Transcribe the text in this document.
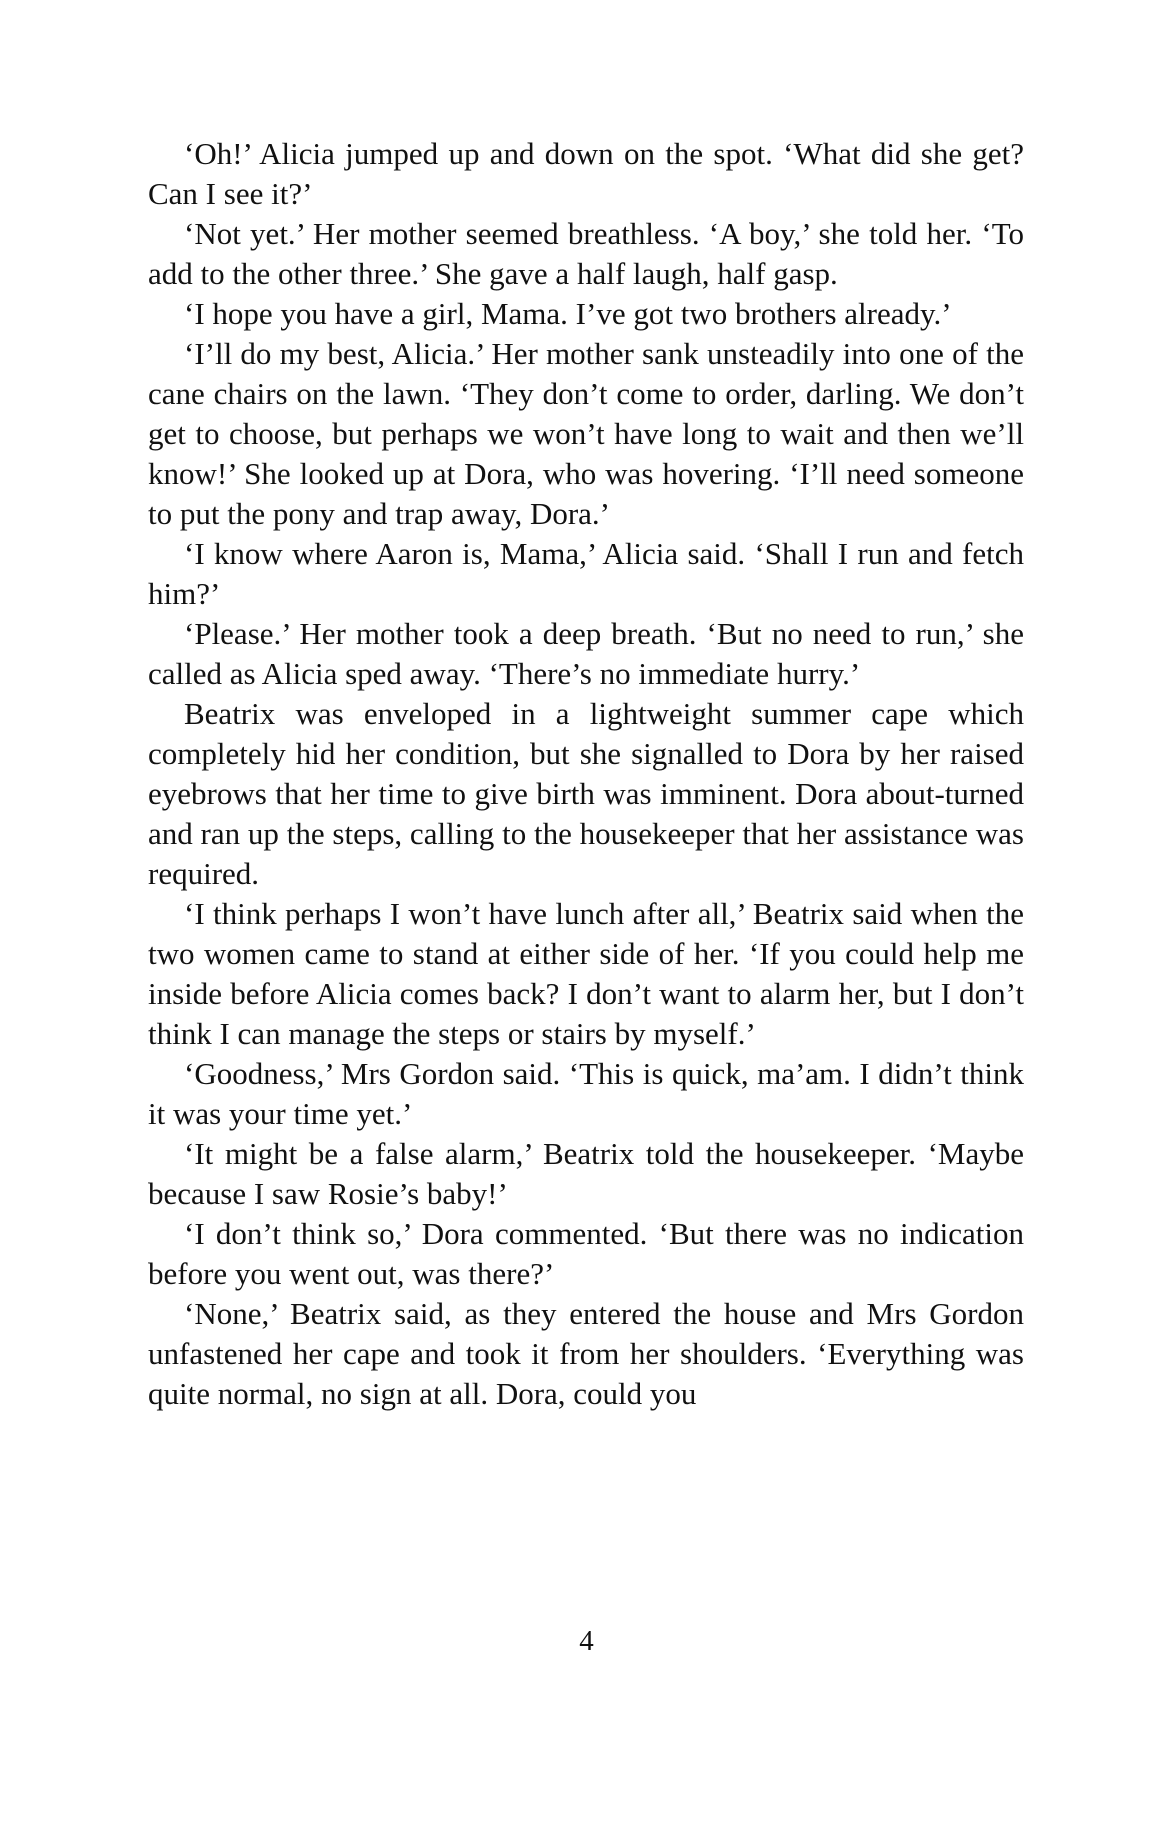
‘Oh!’ Alicia jumped up and down on the spot. ‘What did she get? Can I see it?’

‘Not yet.’ Her mother seemed breathless. ‘A boy,’ she told her. ‘To add to the other three.’ She gave a half laugh, half gasp.

‘I hope you have a girl, Mama. I’ve got two brothers already.’

‘I’ll do my best, Alicia.’ Her mother sank unsteadily into one of the cane chairs on the lawn. ‘They don’t come to order, darling. We don’t get to choose, but perhaps we won’t have long to wait and then we’ll know!’ She looked up at Dora, who was hovering. ‘I’ll need someone to put the pony and trap away, Dora.’

‘I know where Aaron is, Mama,’ Alicia said. ‘Shall I run and fetch him?’

‘Please.’ Her mother took a deep breath. ‘But no need to run,’ she called as Alicia sped away. ‘There’s no immediate hurry.’

Beatrix was enveloped in a lightweight summer cape which completely hid her condition, but she signalled to Dora by her raised eyebrows that her time to give birth was imminent. Dora about-turned and ran up the steps, calling to the housekeeper that her assistance was required.

‘I think perhaps I won’t have lunch after all,’ Beatrix said when the two women came to stand at either side of her. ‘If you could help me inside before Alicia comes back? I don’t want to alarm her, but I don’t think I can manage the steps or stairs by myself.’

‘Goodness,’ Mrs Gordon said. ‘This is quick, ma’am. I didn’t think it was your time yet.’

‘It might be a false alarm,’ Beatrix told the housekeeper. ‘Maybe because I saw Rosie’s baby!’

‘I don’t think so,’ Dora commented. ‘But there was no indication before you went out, was there?’

‘None,’ Beatrix said, as they entered the house and Mrs Gordon unfastened her cape and took it from her shoulders. ‘Everything was quite normal, no sign at all. Dora, could you

4
